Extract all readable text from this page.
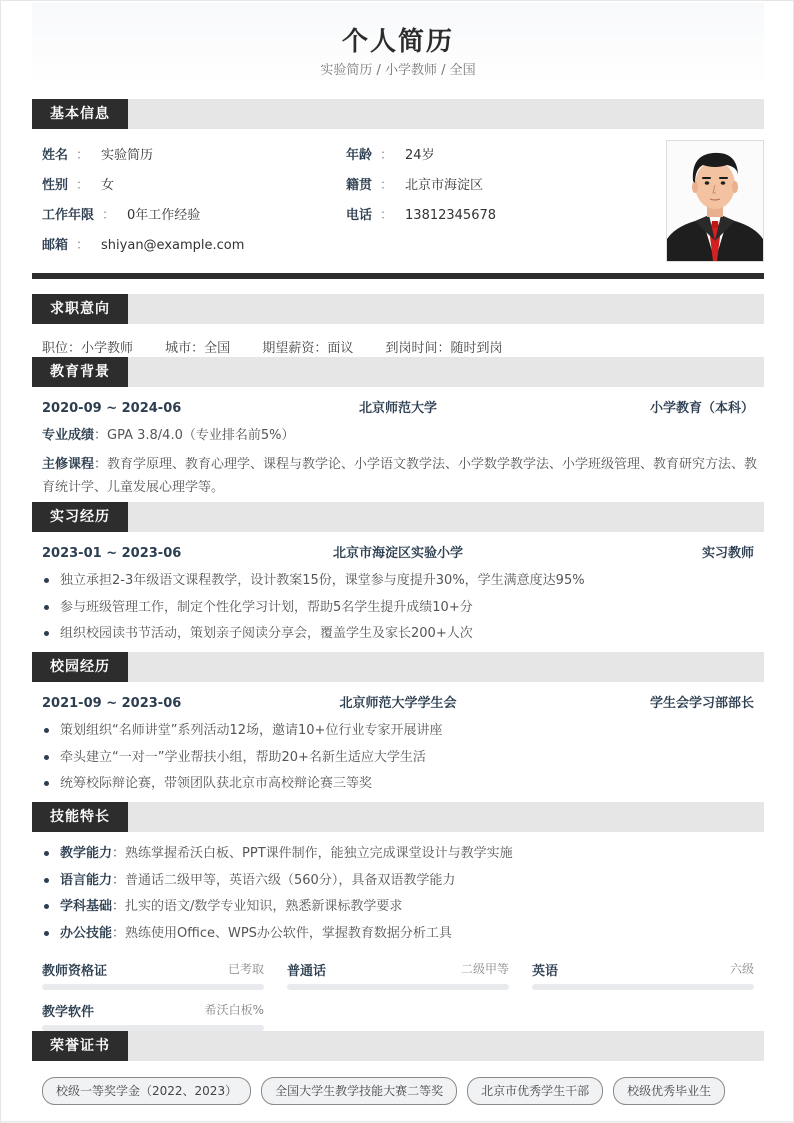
个人简历
实验简历 / 小学教师 / 全国
基本信息
姓名 ： 实验简历
性别 ： 女
工作年限 ： 0年工作经验
邮箱 ： shiyan@example.com
年龄 ： 24岁
籍贯 ： 北京市海淀区
电话 ： 13812345678
求职意向
职位：小学教师 城市：全国 期望薪资：面议 到岗时间：随时到岗
教育背景
北京师范大学
2020-09 ~ 2024-06	小学教育（本科）
专业成绩：GPA 3.8/4.0（专业排名前5%）
主修课程：教育学原理、教育心理学、课程与教学论、小学语文教学法、小学数学教学法、小学班级管理、教育研究方法、教育统计学、儿童发展心理学等。
实习经历
北京市海淀区实验小学
2023-01 ~ 2023-06	实习教师
独立承担2-3年级语文课程教学，设计教案15份，课堂参与度提升30%，学生满意度达95%
参与班级管理工作，制定个性化学习计划，帮助5名学生提升成绩10+分
组织校园读书节活动，策划亲子阅读分享会，覆盖学生及家长200+人次
校园经历
北京师范大学学生会
2021-09 ~ 2023-06	学生会学习部部长
策划组织“名师讲堂”系列活动12场，邀请10+位行业专家开展讲座
牵头建立“一对一”学业帮扶小组，帮助20+名新生适应大学生活
统筹校际辩论赛，带领团队获北京市高校辩论赛三等奖
技能特长
教学能力：熟练掌握希沃白板、PPT课件制作，能独立完成课堂设计与教学实施
语言能力：普通话二级甲等，英语六级（560分），具备双语教学能力
学科基础：扎实的语文/数学专业知识，熟悉新课标教学要求
办公技能：熟练使用Office、WPS办公软件，掌握教育数据分析工具
教师资格证	已考取 普通话	二级甲等 英语	六级
教学软件	希沃白板%
荣誉证书
校级一等奖学金（2022、2023）	全国大学生教学技能大赛二等奖	北京市优秀学生干部	校级优秀毕业生
